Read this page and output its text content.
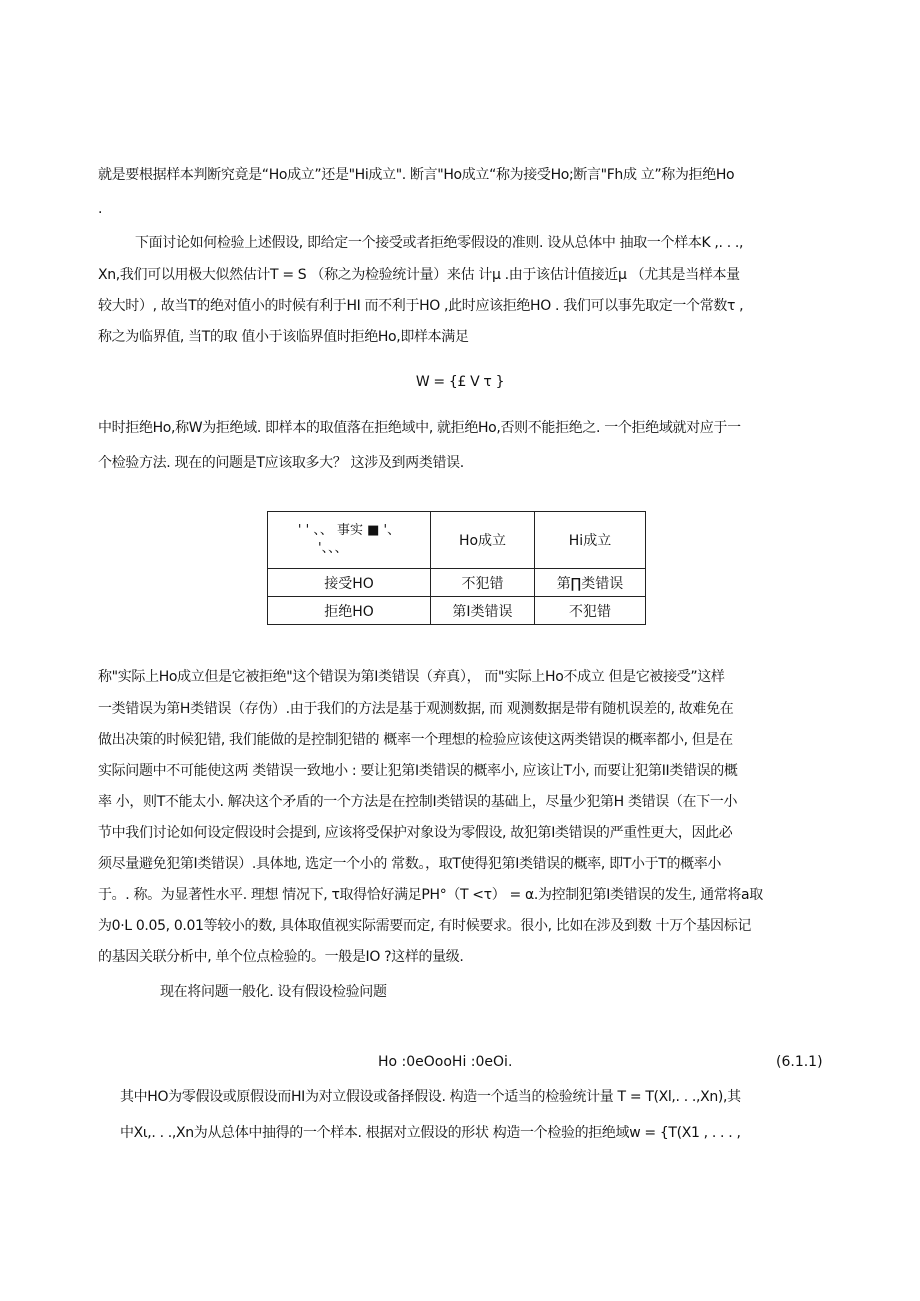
就是要根据样本判断究竟是“Ho成立”还是"Hi成立". 断言"Ho成立“称为接受Ho;断言"Fh成 立”称为拒绝Ho
.
下面讨论如何检验上述假设, 即给定一个接受或者拒绝零假设的准则. 设从总体中 抽取一个样本K ,. . .,
Xn,我们可以用极大似然估计T = S （称之为检验统计量）来估 计μ .由于该估计值接近μ （尤其是当样本量
较大时）, 故当T的绝对值小的时候有利于HI 而不利于HO ,此时应该拒绝HO . 我们可以事先取定一个常数τ ,
称之为临界值, 当T的取 值小于该临界值时拒绝Ho,即样本满足
W = {£ V τ }
中时拒绝Ho,称W为拒绝域. 即样本的取值落在拒绝域中, 就拒绝Ho,否则不能拒绝之. 一个拒绝域就对应于一
个检验方法. 现在的问题是T应该取多大？ 这涉及到两类错误.
' ' 、、 事实 ■ '、
'、、、	Ho成立	Hi成立
接受HO	不犯错	第∏类错误
拒绝HO	第I类错误	不犯错
称"实际上Ho成立但是它被拒绝"这个错误为第I类错误（弃真）， 而"实际上Ho不成立 但是它被接受”这样
一类错误为第H类错误（存伪）.由于我们的方法是基于观测数据, 而 观测数据是带有随机误差的, 故难免在
做出决策的时候犯错, 我们能做的是控制犯错的 概率一个理想的检验应该使这两类错误的概率都小, 但是在
实际问题中不可能使这两 类错误一致地小 : 要让犯第I类错误的概率小, 应该让T小, 而要让犯第II类错误的概
率 小，则T不能太小. 解决这个矛盾的一个方法是在控制I类错误的基础上，尽量少犯第H 类错误（在下一小
节中我们讨论如何设定假设时会提到, 应该将受保护对象设为零假设, 故犯第I类错误的严重性更大，因此必
须尽量避免犯第I类错误）.具体地, 选定一个小的 常数。，取T使得犯第I类错误的概率, 即T小于T的概率小
于。. 称。为显著性水平. 理想 情况下, τ取得恰好满足PH°（T <τ） = α.为控制犯第I类错误的发生, 通常将a取
为0·L 0.05, 0.01等较小的数, 具体取值视实际需要而定, 有时候要求。很小, 比如在涉及到数 十万个基因标记
的基因关联分析中, 单个位点检验的。一般是IO ?这样的量级.
现在将问题一般化. 设有假设检验问题
Ho :0eOooHi :0eOi.	(6.1.1)
其中HO为零假设或原假设而HI为对立假设或备择假设. 构造一个适当的检验统计量 T = T(Xl,. . .,Xn),其
中Xι,. . .,Xn为从总体中抽得的一个样本. 根据对立假设的形状 构造一个检验的拒绝域w = {T(X1 , . . . ,
